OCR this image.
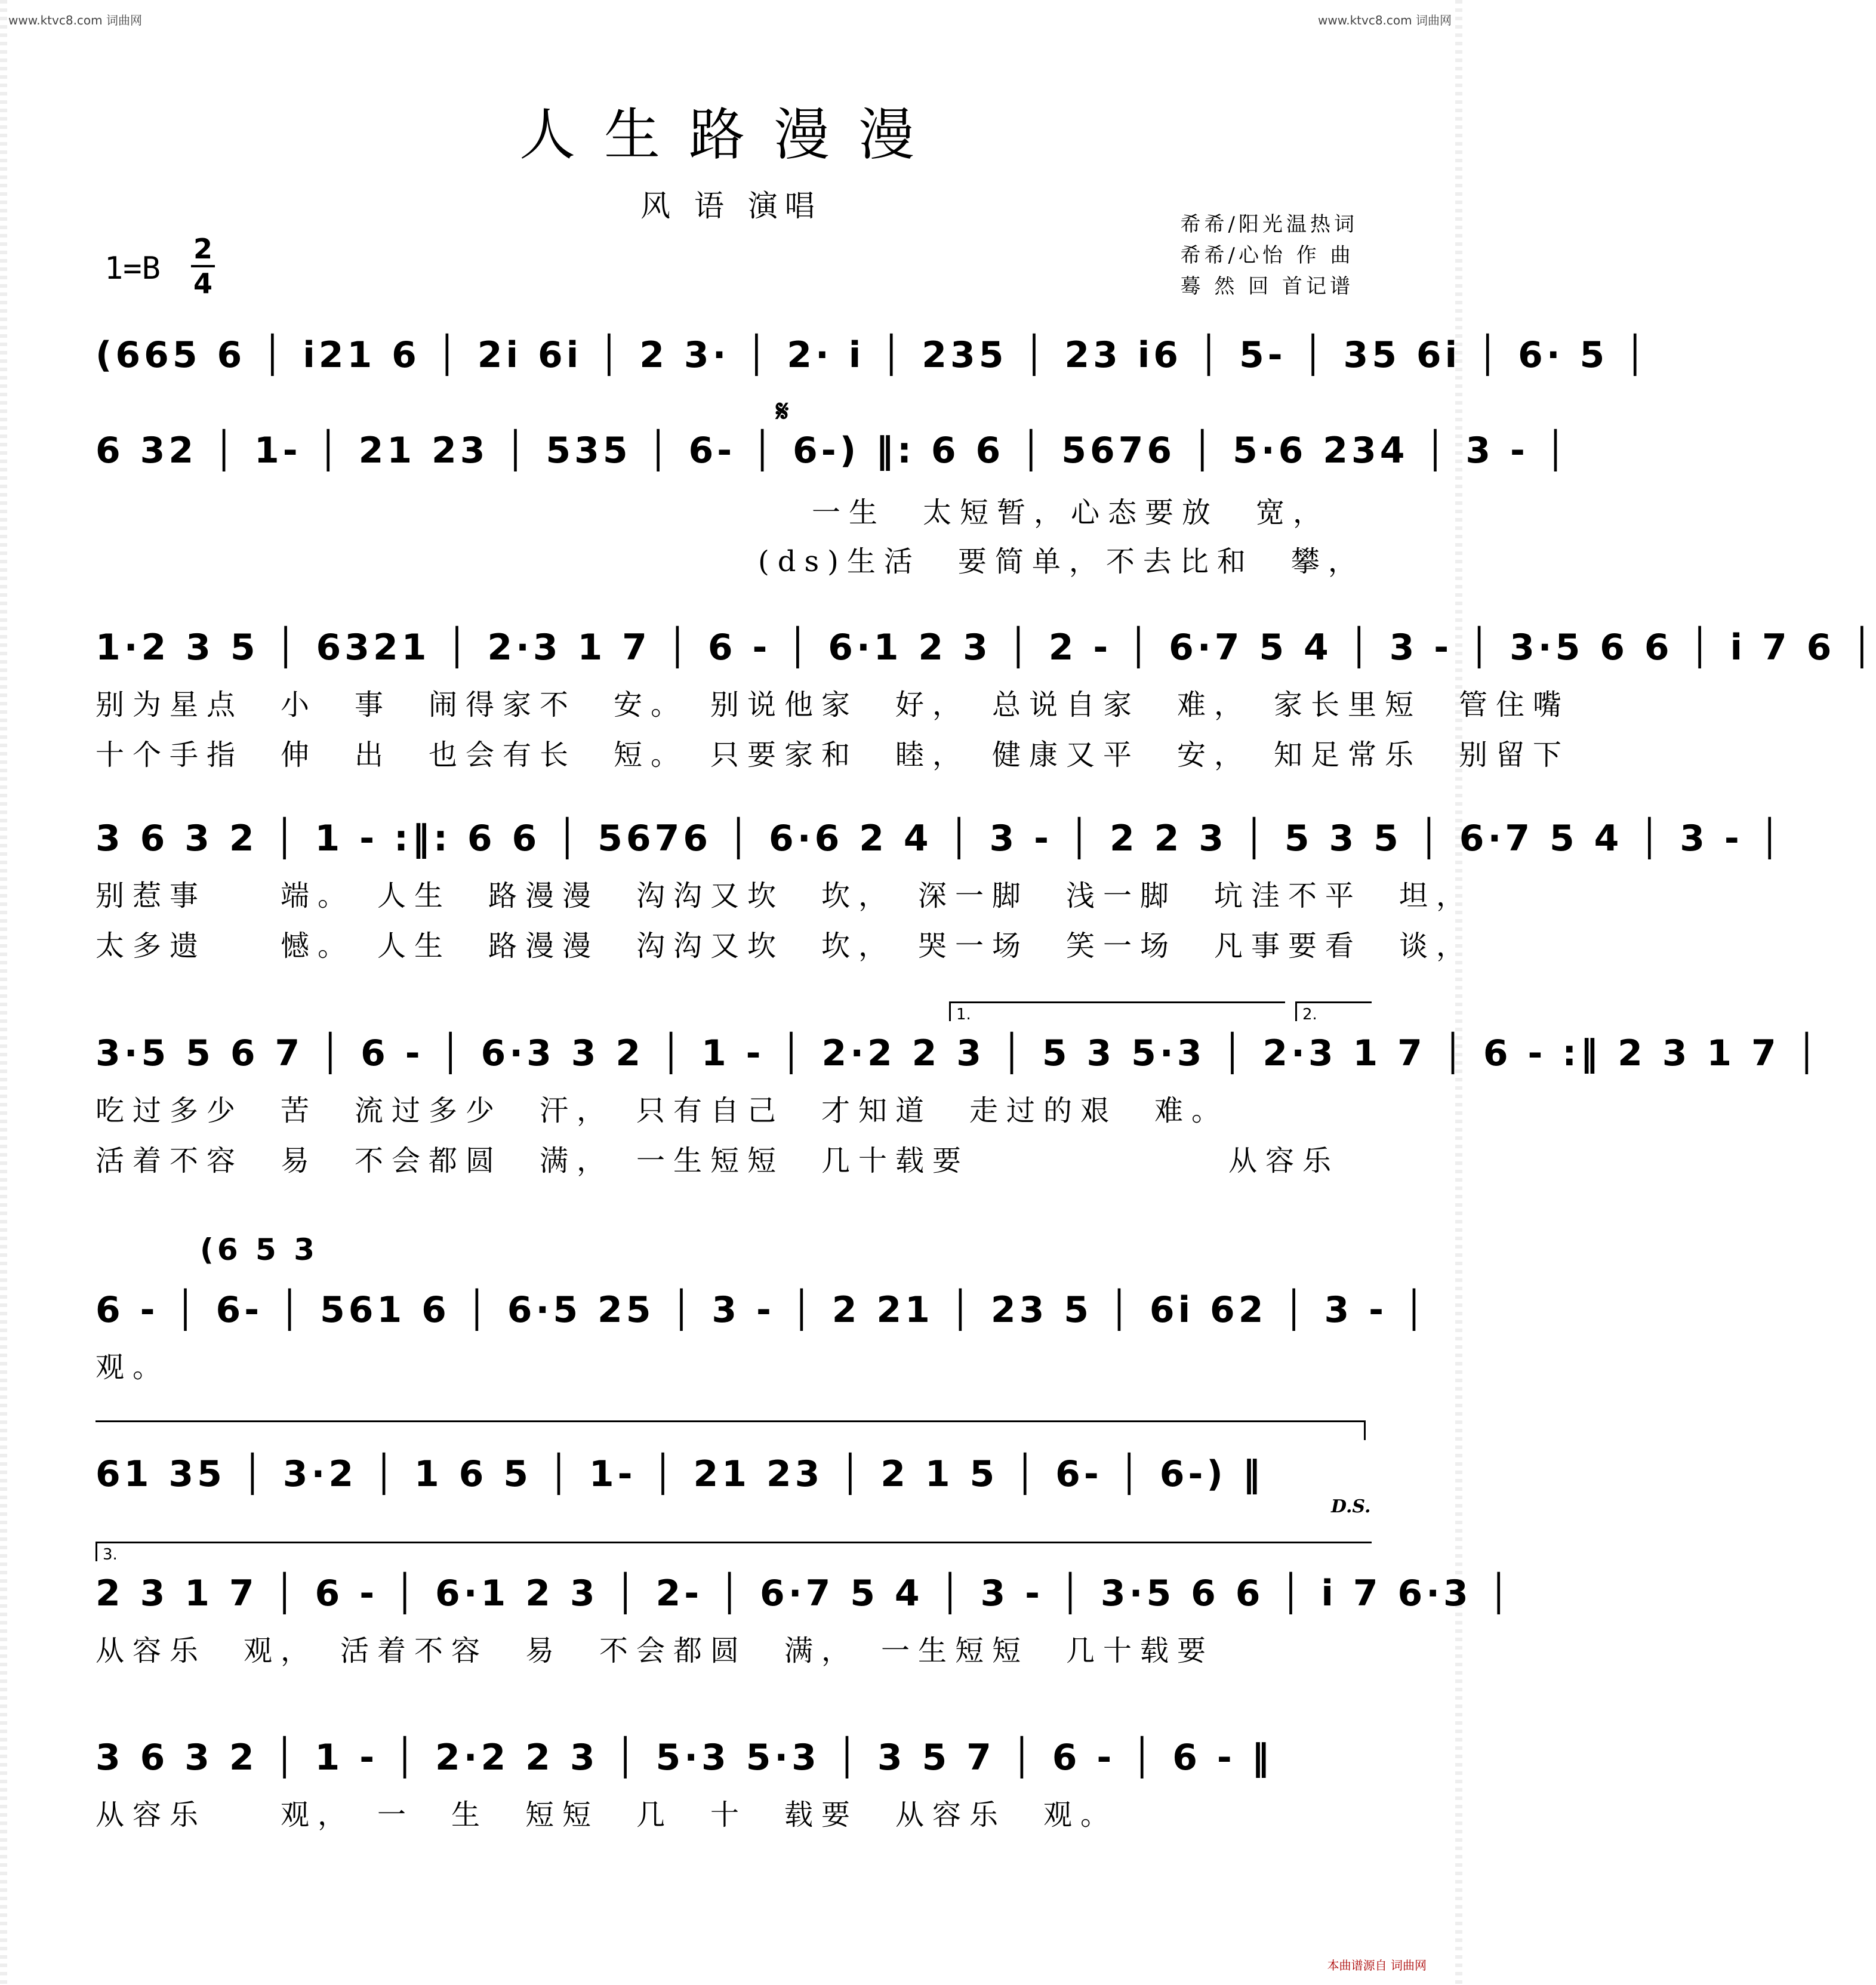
www.ktvc8.com 词曲网	www.ktvc8.com 词曲网
人生路漫漫
风 语 演唱
希希/阳光温热词
希希/心怡 作 曲
蓦 然 回 首记谱
1=B
2
4
(665 6 │ i21 6 │ 2i 6i │ 2 3· │ 2· i │ 235 │ 23 i6 │ 5- │ 35 6i │ 6· 5 │
𝄋
6 32 │ 1- │ 21 23 │ 535 │ 6- │ 6-) ‖: 6 6 │ 5676 │ 5·6 234 │ 3 - │
一生　太短暂，心态要放　宽，
(ds)生活　要简单，不去比和　攀，
1·2 3 5 │ 6321 │ 2·3 1 7 │ 6 - │ 6·1 2 3 │ 2 - │ 6·7 5 4 │ 3 - │ 3·5 6 6 │ i 7 6 │
别为星点　小　事　闹得家不　安。　别说他家　好，　总说自家　难，　家长里短　管住嘴
十个手指　伸　出　也会有长　短。　只要家和　睦，　健康又平　安，　知足常乐　别留下
3 6 3 2 │ 1 - :‖: 6 6 │ 5676 │ 6·6 2 4 │ 3 - │ 2 2 3 │ 5 3 5 │ 6·7 5 4 │ 3 - │
别惹事　　端。　人生　路漫漫　沟沟又坎　坎，　深一脚　浅一脚　坑洼不平　坦，
太多遗　　憾。　人生　路漫漫　沟沟又坎　坎，　哭一场　笑一场　凡事要看　谈，
1.	2.
3·5 5 6 7 │ 6 - │ 6·3 3 2 │ 1 - │ 2·2 2 3 │ 5 3 5·3 │ 2·3 1 7 │ 6 - :‖ 2 3 1 7 │
吃过多少　苦　流过多少　汗，　只有自己　才知道　走过的艰　难。
活着不容　易　不会都圆　满，　一生短短　几十载要　　　　　　　从容乐
(6 5 3
6 - │ 6- │ 561 6 │ 6·5 25 │ 3 - │ 2 21 │ 23 5 │ 6i 62 │ 3 - │
观。
61 35 │ 3·2 │ 1 6 5 │ 1- │ 21 23 │ 2 1 5 │ 6- │ 6-) ‖
D.S.
3.
2 3 1 7 │ 6 - │ 6·1 2 3 │ 2- │ 6·7 5 4 │ 3 - │ 3·5 6 6 │ i 7 6·3 │
从容乐　观，　活着不容　易　不会都圆　满，　一生短短　几十载要
3 6 3 2 │ 1 - │ 2·2 2 3 │ 5·3 5·3 │ 3 5 7 │ 6 - │ 6 - ‖
从容乐　　观，　一　生　短短　几　十　载要　从容乐　观。
本曲谱源自 词曲网
